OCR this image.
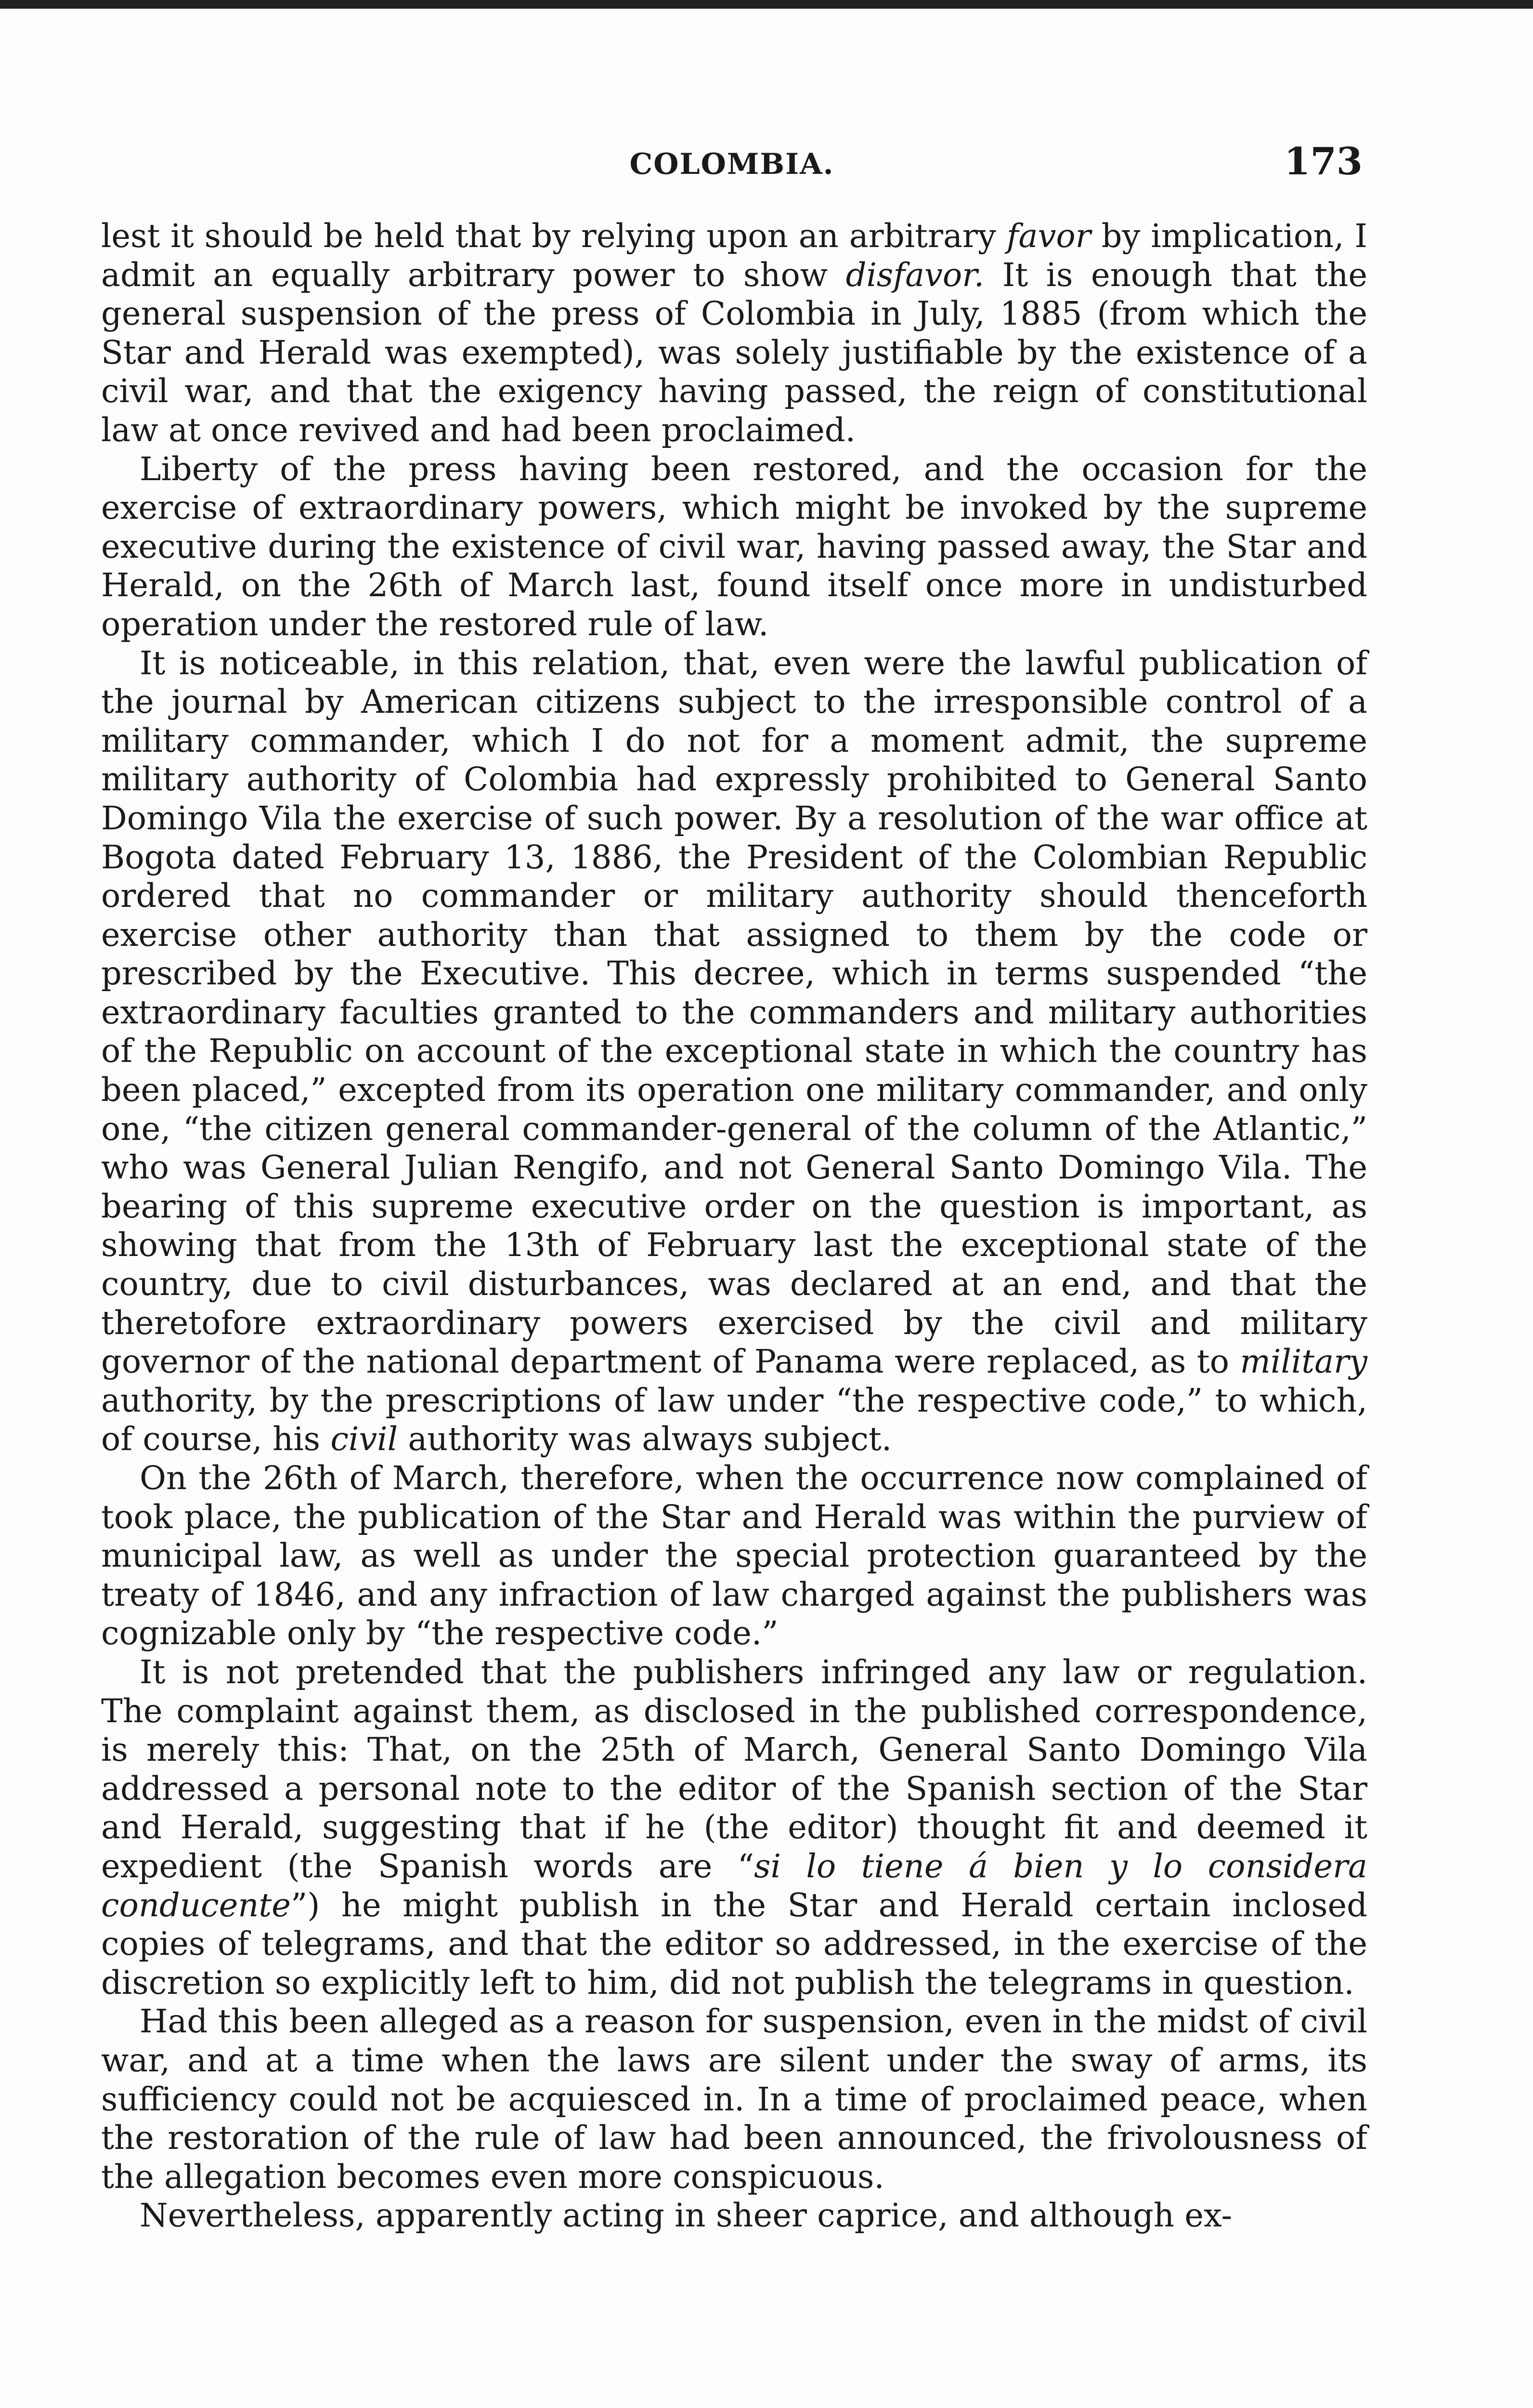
COLOMBIA.	173

lest it should be held that by relying upon an arbitrary favor by implication, I admit an equally arbitrary power to show disfavor. It is enough that the general suspension of the press of Colombia in July, 1885 (from which the Star and Herald was exempted), was solely justifiable by the existence of a civil war, and that the exigency having passed, the reign of constitutional law at once revived and had been proclaimed.

Liberty of the press having been restored, and the occasion for the exercise of extraordinary powers, which might be invoked by the supreme executive during the existence of civil war, having passed away, the Star and Herald, on the 26th of March last, found itself once more in undisturbed operation under the restored rule of law.

It is noticeable, in this relation, that, even were the lawful publication of the journal by American citizens subject to the irresponsible control of a military commander, which I do not for a moment admit, the supreme military authority of Colombia had expressly prohibited to General Santo Domingo Vila the exercise of such power. By a resolution of the war office at Bogota dated February 13, 1886, the President of the Colombian Republic ordered that no commander or military authority should thenceforth exercise other authority than that assigned to them by the code or prescribed by the Executive. This decree, which in terms suspended “the extraordinary faculties granted to the commanders and military authorities of the Republic on account of the exceptional state in which the country has been placed,” excepted from its operation one military commander, and only one, “the citizen general commander-general of the column of the Atlantic,” who was General Julian Rengifo, and not General Santo Domingo Vila. The bearing of this supreme executive order on the question is important, as showing that from the 13th of February last the exceptional state of the country, due to civil disturbances, was declared at an end, and that the theretofore extraordinary powers exercised by the civil and military governor of the national department of Panama were replaced, as to military authority, by the prescriptions of law under “the respective code,” to which, of course, his civil authority was always subject.

On the 26th of March, therefore, when the occurrence now complained of took place, the publication of the Star and Herald was within the purview of municipal law, as well as under the special protection guaranteed by the treaty of 1846, and any infraction of law charged against the publishers was cognizable only by “the respective code.”

It is not pretended that the publishers infringed any law or regulation. The complaint against them, as disclosed in the published correspondence, is merely this: That, on the 25th of March, General Santo Domingo Vila addressed a personal note to the editor of the Spanish section of the Star and Herald, suggesting that if he (the editor) thought fit and deemed it expedient (the Spanish words are “si lo tiene á bien y lo considera conducente”) he might publish in the Star and Herald certain inclosed copies of telegrams, and that the editor so addressed, in the exercise of the discretion so explicitly left to him, did not publish the telegrams in question.

Had this been alleged as a reason for suspension, even in the midst of civil war, and at a time when the laws are silent under the sway of arms, its sufficiency could not be acquiesced in. In a time of proclaimed peace, when the restoration of the rule of law had been announced, the frivolousness of the allegation becomes even more conspicuous.

Nevertheless, apparently acting in sheer caprice, and although ex-
